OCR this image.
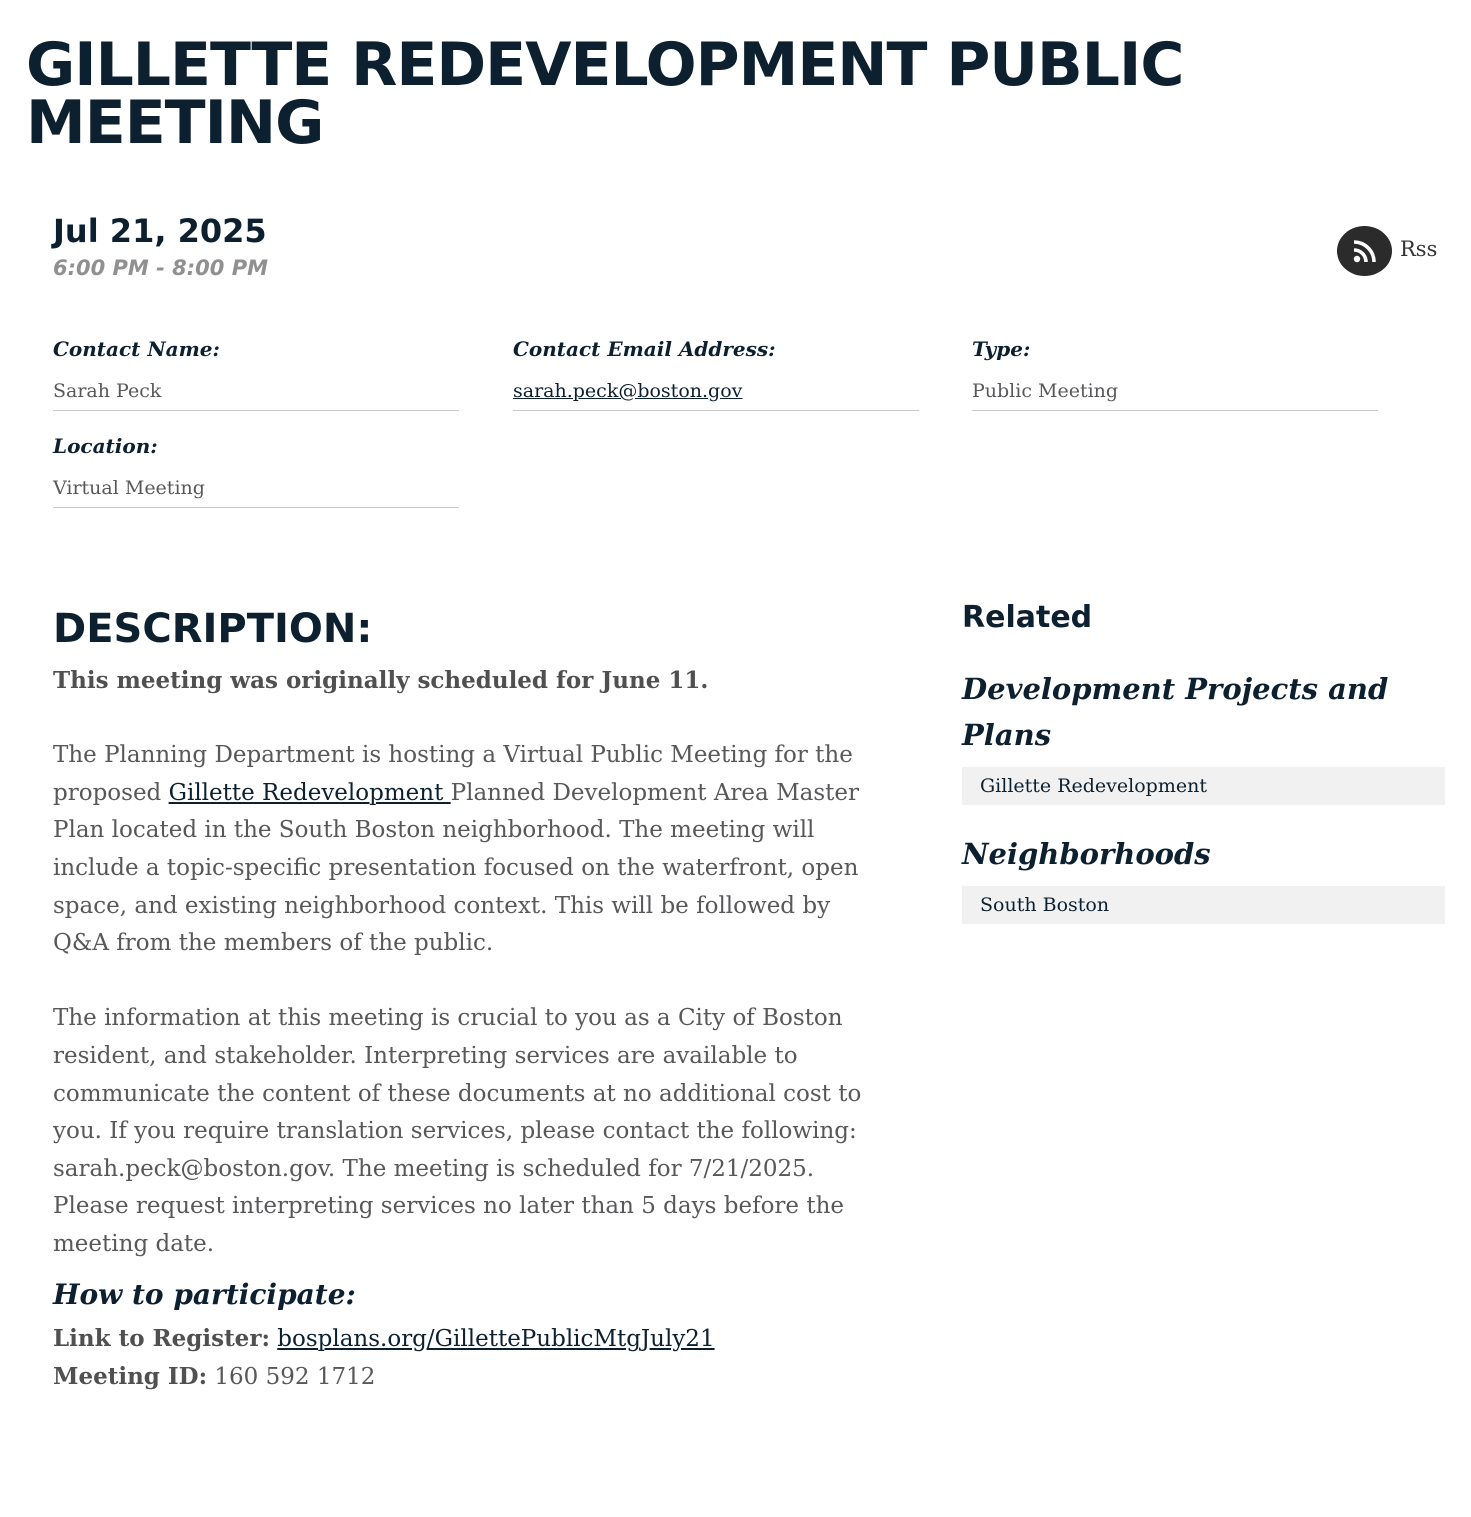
GILLETTE REDEVELOPMENT PUBLIC MEETING
Jul 21, 2025
6:00 PM - 8:00 PM
Rss
Contact Name:
Sarah Peck
Contact Email Address:
sarah.peck@boston.gov
Type:
Public Meeting
Location:
Virtual Meeting
DESCRIPTION:

This meeting was originally scheduled for June 11.

The Planning Department is hosting a Virtual Public Meeting for the proposed Gillette Redevelopment Planned Development Area Master Plan located in the South Boston neighborhood. The meeting will include a topic-specific presentation focused on the waterfront, open space, and existing neighborhood context. This will be followed by Q&A from the members of the public.

The information at this meeting is crucial to you as a City of Boston resident, and stakeholder. Interpreting services are available to communicate the content of these documents at no additional cost to you. If you require translation services, please contact the following: sarah.peck@boston.gov. The meeting is scheduled for 7/21/2025. Please request interpreting services no later than 5 days before the meeting date.

How to participate:

Link to Register: bosplans.org/GillettePublicMtgJuly21

Meeting ID: 160 592 1712

Related
Development Projects and Plans
Gillette Redevelopment
Neighborhoods
South Boston
